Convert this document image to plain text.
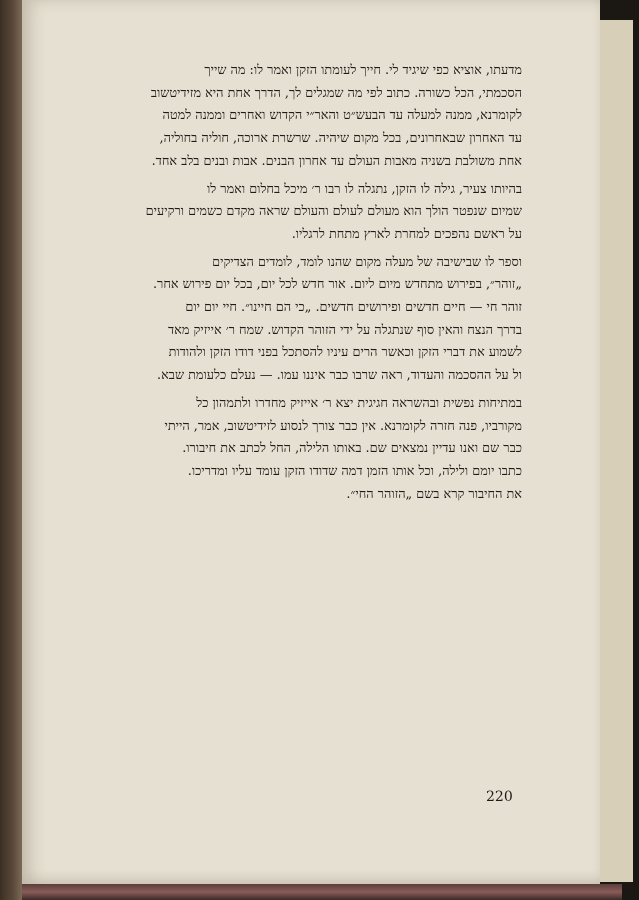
מדעתו, אוציא כפי שיגיד לי. חייך לעומתו הזקן ואמר לו: מה שייך
הסכמתי, הכל כשורה. כתוב לפי מה שמגלים לך, הדרך אחת היא מזידיטשוב
לקומרנא, ממנה למעלה עד הבעש״ט והאר״י הקדוש ואחרים וממנה למטה
עד האחרון שבאחרונים, בכל מקום שיהיה. שרשרת ארוכה, חוליה בחוליה,
אחת משולבת בשניה מאבות העולם עד אחרון הבנים. אבות ובנים בלב אחד.

בהיותו צעיר, גילה לו הזקן, נתגלה לו רבו ר׳ מיכל בחלום ואמר לו
שמיום שנפטר הולך הוא מעולם לעולם והעולם שראה מקדם כשמים ורקיעים
על ראשם נהפכים למחרת לארץ מתחת לרגליו.

וספר לו שבישיבה של מעלה מקום שהנו לומד, לומדים הצדיקים
„זוהר״, בפירוש מתחדש מיום ליום. אור חדש לכל יום, בכל יום פירוש אחר.
זוהר חי — חיים חדשים ופירושים חדשים. „כי הם חיינו״. חיי יום יום
בדרך הנצח והאין סוף שנתגלה על ידי הזוהר הקדוש. שמח ר׳ אייזיק מאד
לשמוע את דברי הזקן וכאשר הרים עיניו להסתכל בפני דודו הזקן ולהודות
ול על ההסכמה והעדוד, ראה שרבו כבר איננו עמו. — נעלם כלעומת שבא.

במתיחות נפשית ובהשראה חגיגית יצא ר׳ אייזיק מחדרו ולתמהון כל
מקורביו, פנה חזרה לקומרנא. אין כבר צורך לנסוע לזידיטשוב, אמר, הייתי
כבר שם ואנו עדיין נמצאים שם. באותו הלילה, החל לכתב את חיבורו.
כתבו יומם ולילה, וכל אותו הזמן דמה שדודו הזקן עומד עליו ומדריכו.
את החיבור קרא בשם „הזוהר החי״.

220
